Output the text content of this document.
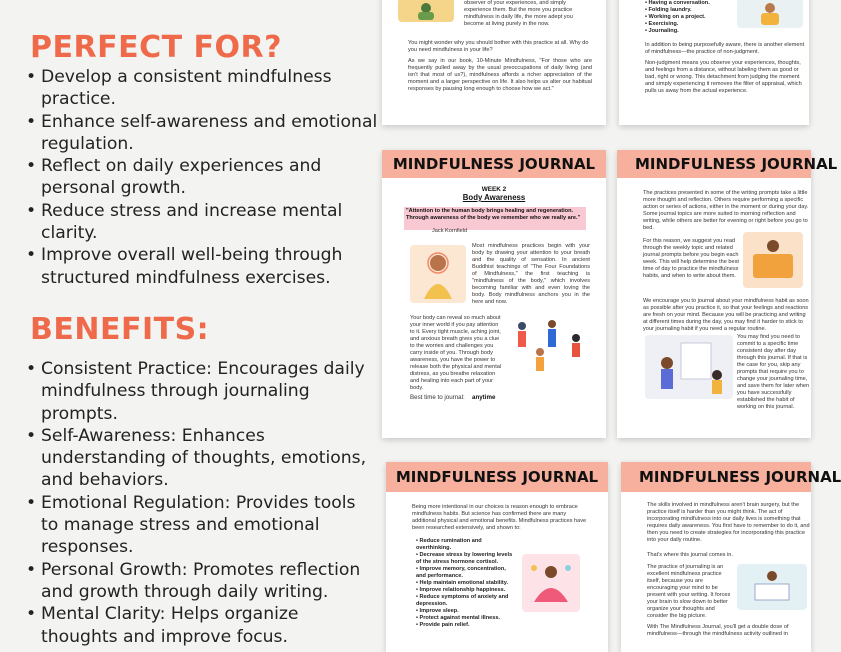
PERFECT FOR?
• Develop a consistent mindfulness practice.
• Enhance self-awareness and emotional regulation.
• Reflect on daily experiences and personal growth.
• Reduce stress and increase mental clarity.
• Improve overall well-being through structured mindfulness exercises.
BENEFITS:
• Consistent Practice: Encourages daily mindfulness through journaling prompts.
• Self-Awareness: Enhances understanding of thoughts, emotions, and behaviors.
• Emotional Regulation: Provides tools to manage stress and emotional responses.
• Personal Growth: Promotes reflection and growth through daily writing.
• Mental Clarity: Helps organize thoughts and improve focus.
observer of your experiences, and simply experience them. But the more you practice mindfulness in daily life, the more adept you become at living purely in the now.
You might wonder why you should bother with this practice at all. Why do you need mindfulness in your life?
As we say in our book, 10-Minute Mindfulness, "For those who are frequently pulled away by the usual preoccupations of daily living (and isn't that most of us?), mindfulness affords a richer appreciation of the moment and a larger perspective on life. It also helps us alter our habitual responses by pausing long enough to choose how we act."
• Having a conversation.
• Folding laundry.
• Working on a project.
• Exercising.
• Journaling.
In addition to being purposefully aware, there is another element of mindfulness—the practice of non-judgment.
Non-judgment means you observe your experiences, thoughts, and feelings from a distance, without labeling them as good or bad, right or wrong. This detachment from judging the moment and simply experiencing it removes the filter of appraisal, which pulls us away from the actual experience.
MINDFULNESS JOURNAL
WEEK 2
Body Awareness
"Attention to the human body brings healing and regeneration. Through awareness of the body we remember who we really are."
Jack Kornfield
Most mindfulness practices begin with your body by drawing your attention to your breath and the quality of sensation. In ancient Buddhist teachings of "The Four Foundations of Mindfulness," the first teaching is "mindfulness of the body," which involves becoming familiar with and even loving the body. Body mindfulness anchors you in the here and now.
Your body can reveal so much about your inner world if you pay attention to it. Every tight muscle, aching joint, and anxious breath gives you a clue to the worries and challenges you carry inside of you. Through body awareness, you have the power to release both the physical and mental distress, as you breathe relaxation and healing into each part of your body.
Best time to journal: anytime
MINDFULNESS JOURNAL
The practices presented in some of the writing prompts take a little more thought and reflection. Others require performing a specific action or series of actions, either in the moment or during your day. Some journal topics are more suited to morning reflection and writing, while others are better for evening or right before you go to bed.
For this reason, we suggest you read through the weekly topic and related journal prompts before you begin each week. This will help determine the best time of day to practice the mindfulness habits, and when to write about them.
We encourage you to journal about your mindfulness habit as soon as possible after you practice it, so that your feelings and reactions are fresh on your mind. Because you will be practicing and writing at different times during the day, you may find it harder to stick to your journaling habit if you need a regular routine.
You may find you need to commit to a specific time consistent day after day through this journal. If that is the case for you, skip any prompts that require you to change your journaling time, and save them for later when you have successfully established the habit of working on this journal.
MINDFULNESS JOURNAL
Being more intentional in our choices is reason enough to embrace mindfulness habits. But science has confirmed there are many additional physical and emotional benefits. Mindfulness practices have been researched extensively, and shown to:
• Reduce rumination and overthinking.
• Decrease stress by lowering levels of the stress hormone cortisol.
• Improve memory, concentration, and performance.
• Help maintain emotional stability.
• Improve relationship happiness.
• Reduce symptoms of anxiety and depression.
• Improve sleep.
• Protect against mental illness.
• Provide pain relief.
MINDFULNESS JOURNAL
The skills involved in mindfulness aren't brain surgery, but the practice itself is harder than you might think. The act of incorporating mindfulness into our daily lives is something that requires daily awareness. You first have to remember to do it, and then you need to create strategies for incorporating this practice into your daily routine.
That's where this journal comes in.
The practice of journaling is an excellent mindfulness practice itself, because you are encouraging your mind to be present with your writing. It forces your brain to slow down to better organize your thoughts and consider the big picture.
With The Mindfulness Journal, you'll get a double dose of mindfulness—through the mindfulness activity outlined in
